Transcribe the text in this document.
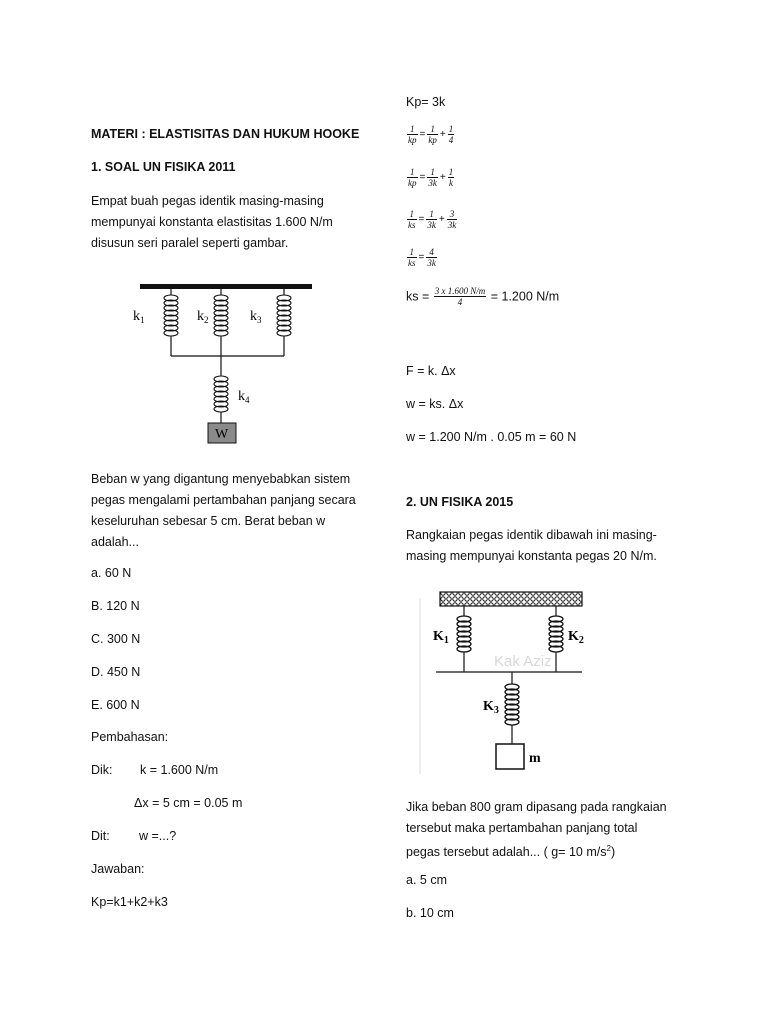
MATERI : ELASTISITAS DAN HUKUM HOOKE
1. SOAL UN FISIKA 2011
Empat buah pegas identik masing-masing
mempunyai konstanta elastisitas 1.600 N/m
disusun seri paralel seperti gambar.
$k_1$	$k_2$	$k_3$
$k_4$
W
Beban w yang digantung menyebabkan sistem
pegas mengalami pertambahan panjang secara
keseluruhan sebesar 5 cm. Berat beban w
adalah...
a. 60 N
B. 120 N
C. 300 N
D. 450 N
E. 600 N
Pembahasan:
Dik: k = 1.600 N/m
Δx = 5 cm = 0.05 m
Dit: w =...?
Jawaban:
Kp=k1+k2+k3
Kp= 3k
$\frac{1}{kp} = \frac{1}{kp} + \frac{1}{4}$
$\frac{1}{kp} = \frac{1}{3k} + \frac{1}{k}$
$\frac{1}{ks} = \frac{1}{3k} + \frac{3}{3k}$
$\frac{1}{ks} = \frac{4}{3k}$
ks = $\frac{3 x 1.600 N/m}{4} = 1.200$ N/m
F = k. Δx
w = ks. Δx
w = 1.200 N/m . 0.05 m = 60 N
2. UN FISIKA 2015
Rangkaian pegas identik dibawah ini masing-
masing mempunyai konstanta pegas 20 N/m.
Kak Aziz
$K_1$	$K_2$
$K_3$
m
Jika beban 800 gram dipasang pada rangkaian
tersebut maka pertambahan panjang total
pegas tersebut adalah... ( g= 10 $m/s^2$)
a. 5 cm
b. 10 cm
